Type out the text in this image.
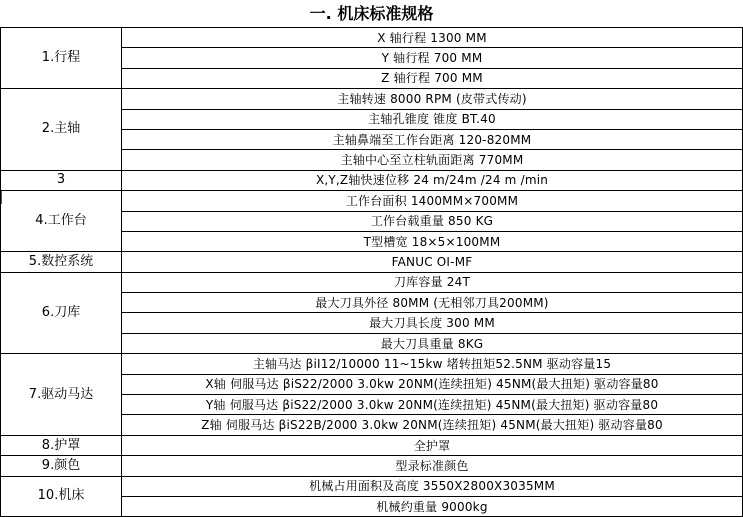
一. 机床标准规格
1.行程	X 轴行程 1300 MM
	Y 轴行程 700 MM
	Z 轴行程 700 MM
2.主轴	主轴转速 8000 RPM (皮带式传动)
	主轴孔锥度 锥度 BT.40
	主轴鼻端至工作台距离 120-820MM
	主轴中心至立柱轨面距离 770MM
3	X,Y,Z轴快速位移 24 m/24m /24 m /min
4.工作台	工作台面积 1400MM×700MM
	工作台载重量 850 KG
	T型槽宽 18×5×100MM
5.数控系统	FANUC OI-MF
6.刀库	刀库容量 24T
	最大刀具外径 80MM (无相邻刀具200MM)
	最大刀具长度 300 MM
	最大刀具重量 8KG
7.驱动马达	主轴马达 βiI12/10000 11~15kw 堵转扭矩52.5NM 驱动容量15
	X轴 伺服马达 βiS22/2000 3.0kw 20NM(连续扭矩) 45NM(最大扭矩) 驱动容量80
	Y轴 伺服马达 βiS22/2000 3.0kw 20NM(连续扭矩) 45NM(最大扭矩) 驱动容量80
	Z轴 伺服马达 βiS22B/2000 3.0kw 20NM(连续扭矩) 45NM(最大扭矩) 驱动容量80
8.护罩	全护罩
9.颜色	型录标准颜色
10.机床	机械占用面积及高度 3550X2800X3035MM
	机械约重量 9000kg
